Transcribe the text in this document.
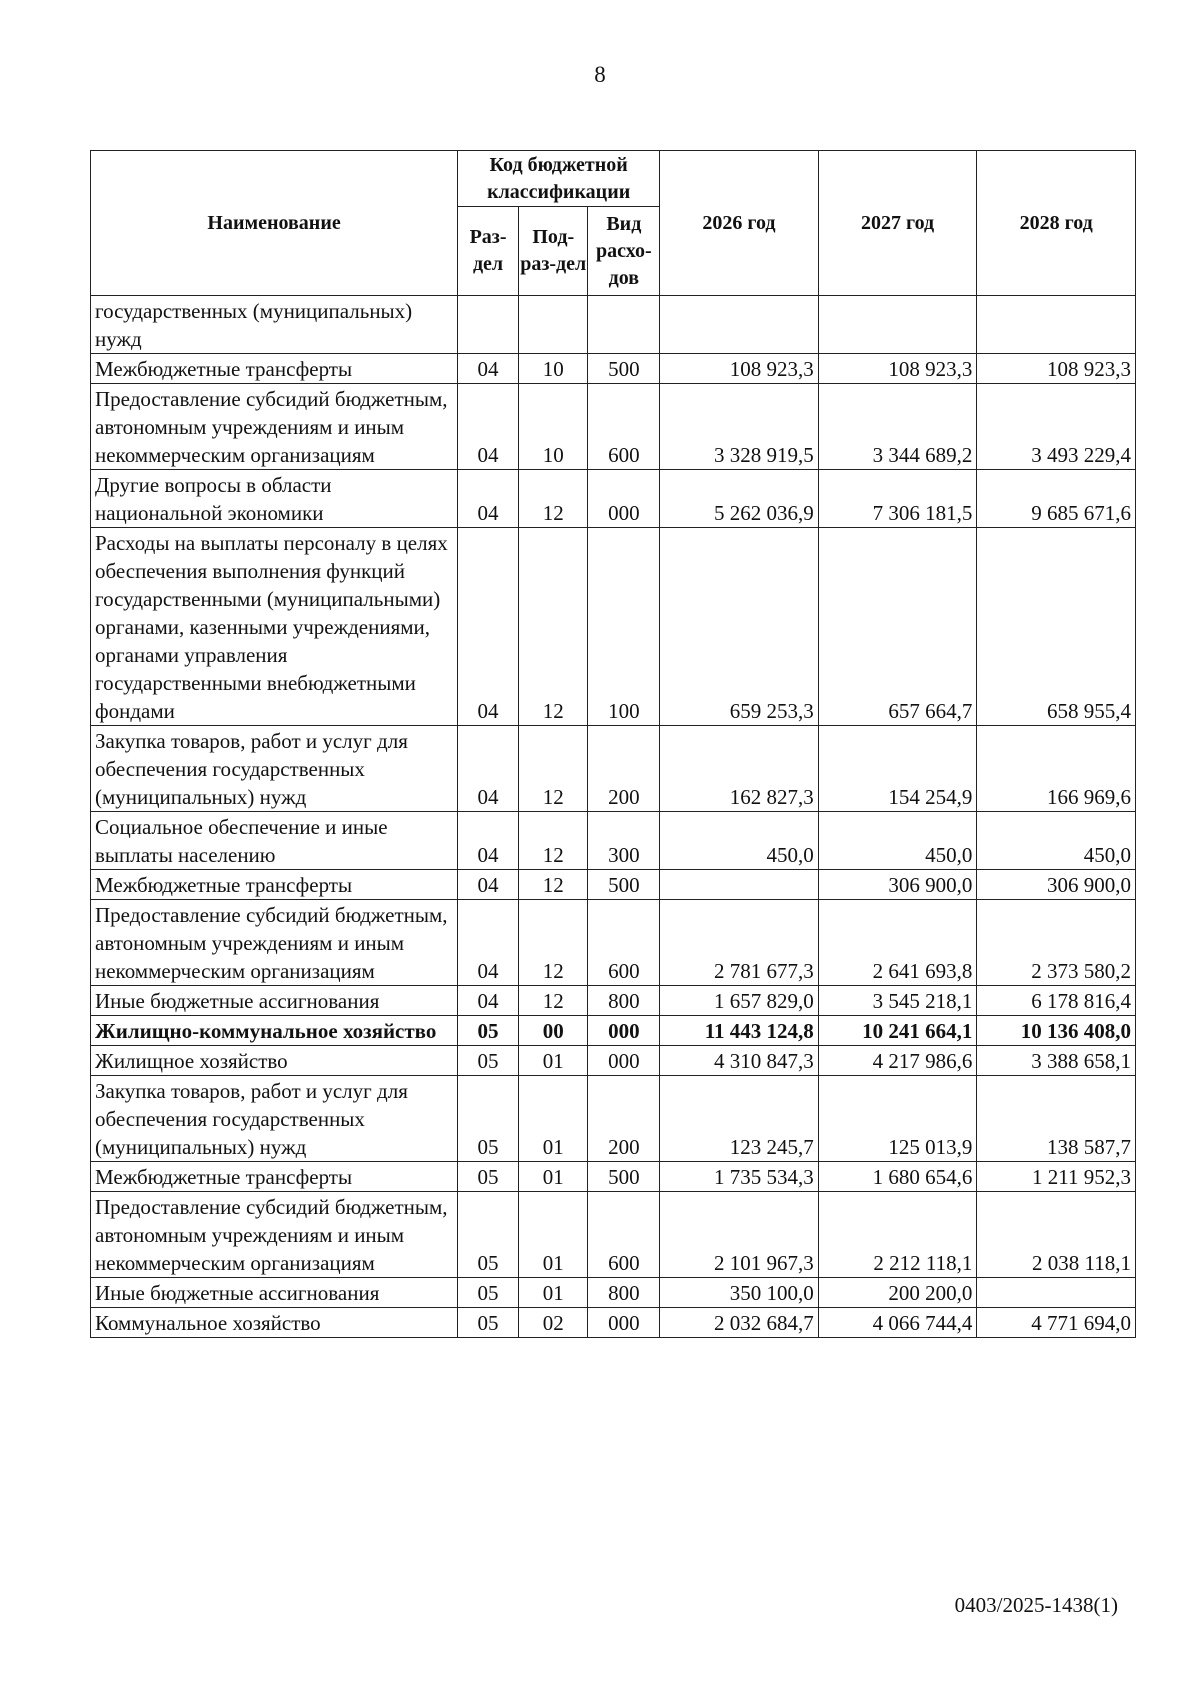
8
Наименование	Код бюджетной классификации			2026 год	2027 год	2028 год
	Раз-дел	Под-раз-дел	Вид расхо-дов			
государственных (муниципальных) нужд						
Межбюджетные трансферты	04	10	500	108 923,3	108 923,3	108 923,3
Предоставление субсидий бюджетным, автономным учреждениям и иным некоммерческим организациям	04	10	600	3 328 919,5	3 344 689,2	3 493 229,4
Другие вопросы в области национальной экономики	04	12	000	5 262 036,9	7 306 181,5	9 685 671,6
Расходы на выплаты персоналу в целях обеспечения выполнения функций государственными (муниципальными) органами, казенными учреждениями, органами управления государственными внебюджетными фондами	04	12	100	659 253,3	657 664,7	658 955,4
Закупка товаров, работ и услуг для обеспечения государственных (муниципальных) нужд	04	12	200	162 827,3	154 254,9	166 969,6
Социальное обеспечение и иные выплаты населению	04	12	300	450,0	450,0	450,0
Межбюджетные трансферты	04	12	500		306 900,0	306 900,0
Предоставление субсидий бюджетным, автономным учреждениям и иным некоммерческим организациям	04	12	600	2 781 677,3	2 641 693,8	2 373 580,2
Иные бюджетные ассигнования	04	12	800	1 657 829,0	3 545 218,1	6 178 816,4
Жилищно-коммунальное хозяйство	05	00	000	11 443 124,8	10 241 664,1	10 136 408,0
Жилищное хозяйство	05	01	000	4 310 847,3	4 217 986,6	3 388 658,1
Закупка товаров, работ и услуг для обеспечения государственных (муниципальных) нужд	05	01	200	123 245,7	125 013,9	138 587,7
Межбюджетные трансферты	05	01	500	1 735 534,3	1 680 654,6	1 211 952,3
Предоставление субсидий бюджетным, автономным учреждениям и иным некоммерческим организациям	05	01	600	2 101 967,3	2 212 118,1	2 038 118,1
Иные бюджетные ассигнования	05	01	800	350 100,0	200 200,0	
Коммунальное хозяйство	05	02	000	2 032 684,7	4 066 744,4	4 771 694,0
0403/2025-1438(1)
